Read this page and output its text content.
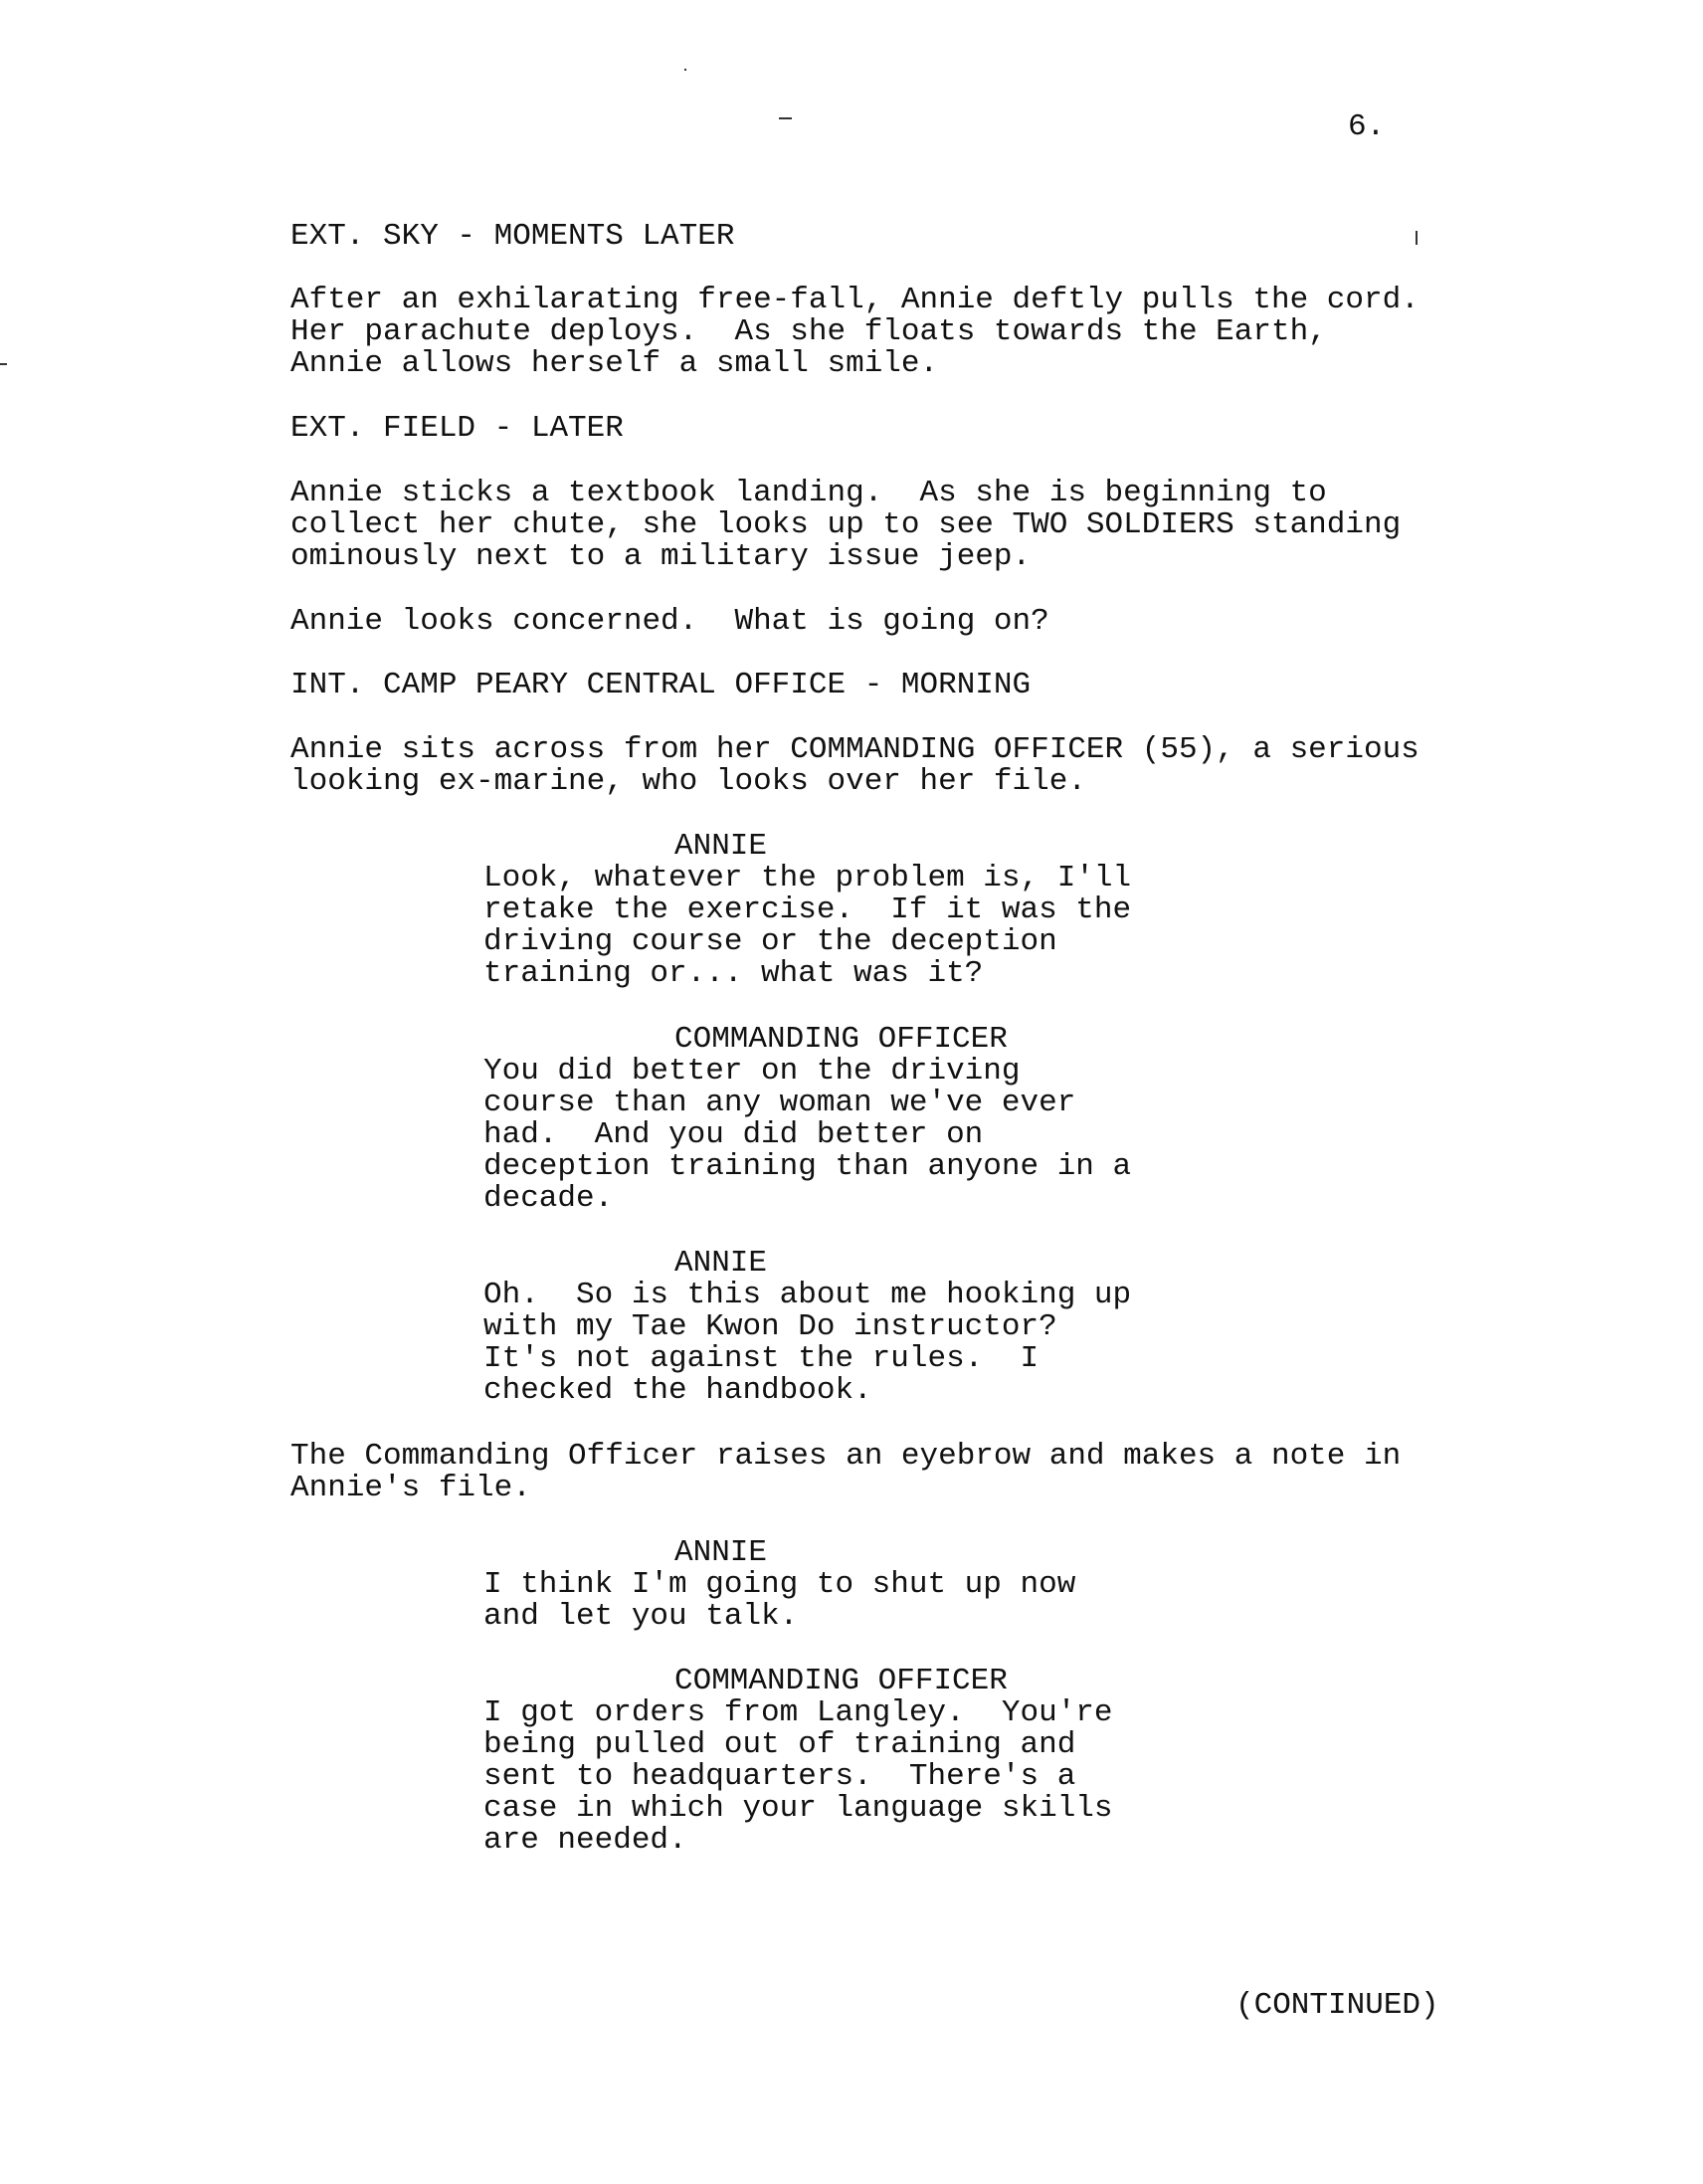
6.
EXT. SKY - MOMENTS LATER
After an exhilarating free-fall, Annie deftly pulls the cord.
Her parachute deploys.  As she floats towards the Earth,
Annie allows herself a small smile.
EXT. FIELD - LATER
Annie sticks a textbook landing.  As she is beginning to
collect her chute, she looks up to see TWO SOLDIERS standing
ominously next to a military issue jeep.
Annie looks concerned.  What is going on?
INT. CAMP PEARY CENTRAL OFFICE - MORNING
Annie sits across from her COMMANDING OFFICER (55), a serious
looking ex-marine, who looks over her file.
ANNIE
Look, whatever the problem is, I'll
retake the exercise.  If it was the
driving course or the deception
training or... what was it?
COMMANDING OFFICER
You did better on the driving
course than any woman we've ever
had.  And you did better on
deception training than anyone in a
decade.
ANNIE
Oh.  So is this about me hooking up
with my Tae Kwon Do instructor?
It's not against the rules.  I
checked the handbook.
The Commanding Officer raises an eyebrow and makes a note in
Annie's file.
ANNIE
I think I'm going to shut up now
and let you talk.
COMMANDING OFFICER
I got orders from Langley.  You're
being pulled out of training and
sent to headquarters.  There's a
case in which your language skills
are needed.
(CONTINUED)
